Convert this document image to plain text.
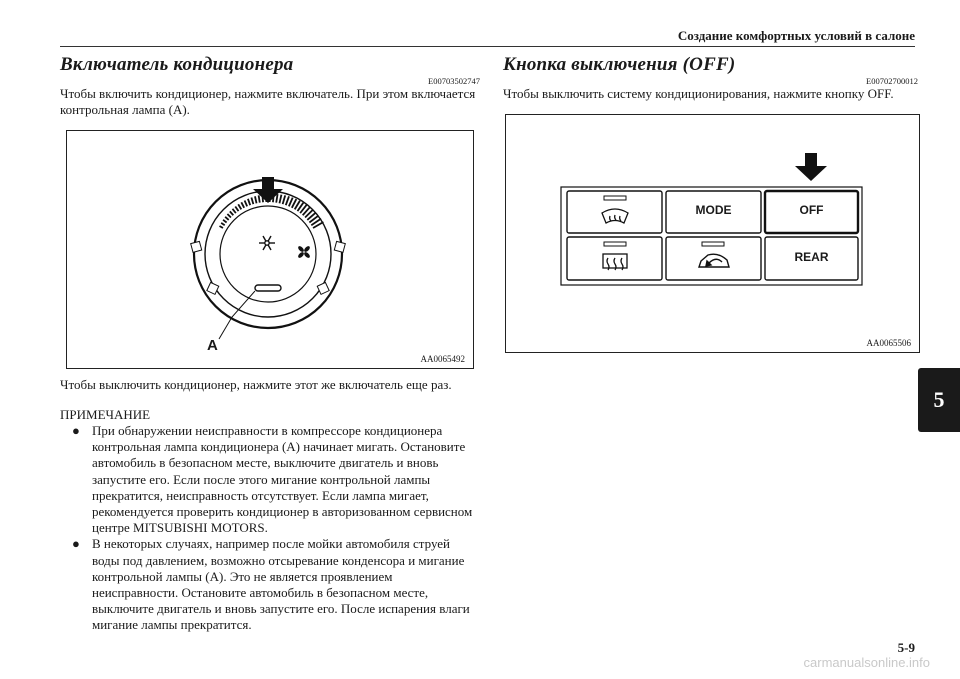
Создание комфортных условий в салоне
Включатель кондиционера
E00703502747

Чтобы включить кондиционер, нажмите включатель. При этом включается контрольная лампа (A).

A
AA0065492

Чтобы выключить кондиционер, нажмите этот же включатель еще раз.

ПРИМЕЧАНИЕ
● При обнаружении неисправности в компрессоре кондиционера контрольная лампа кондиционера (A) начинает мигать. Остановите автомобиль в безопасном месте, выключите двигатель и вновь запустите его. Если после этого мигание контрольной лампы прекратится, неисправность отсутствует. Если лампа мигает, рекомендуется проверить кондиционер в авторизованном сервисном центре MITSUBISHI MOTORS.
● В некоторых случаях, например после мойки автомобиля струей воды под давлением, возможно отсыревание конденсора и мигание контрольной лампы (A). Это не является проявлением неисправности. Остановите автомобиль в безопасном месте, выключите двигатель и вновь запустите его. После испарения влаги мигание лампы прекратится.
Кнопка выключения (OFF)
E00702700012

Чтобы выключить систему кондиционирования, нажмите кнопку OFF.

MODE	OFF
REAR
AA0065506
5
5-9
carmanualsonline.info
